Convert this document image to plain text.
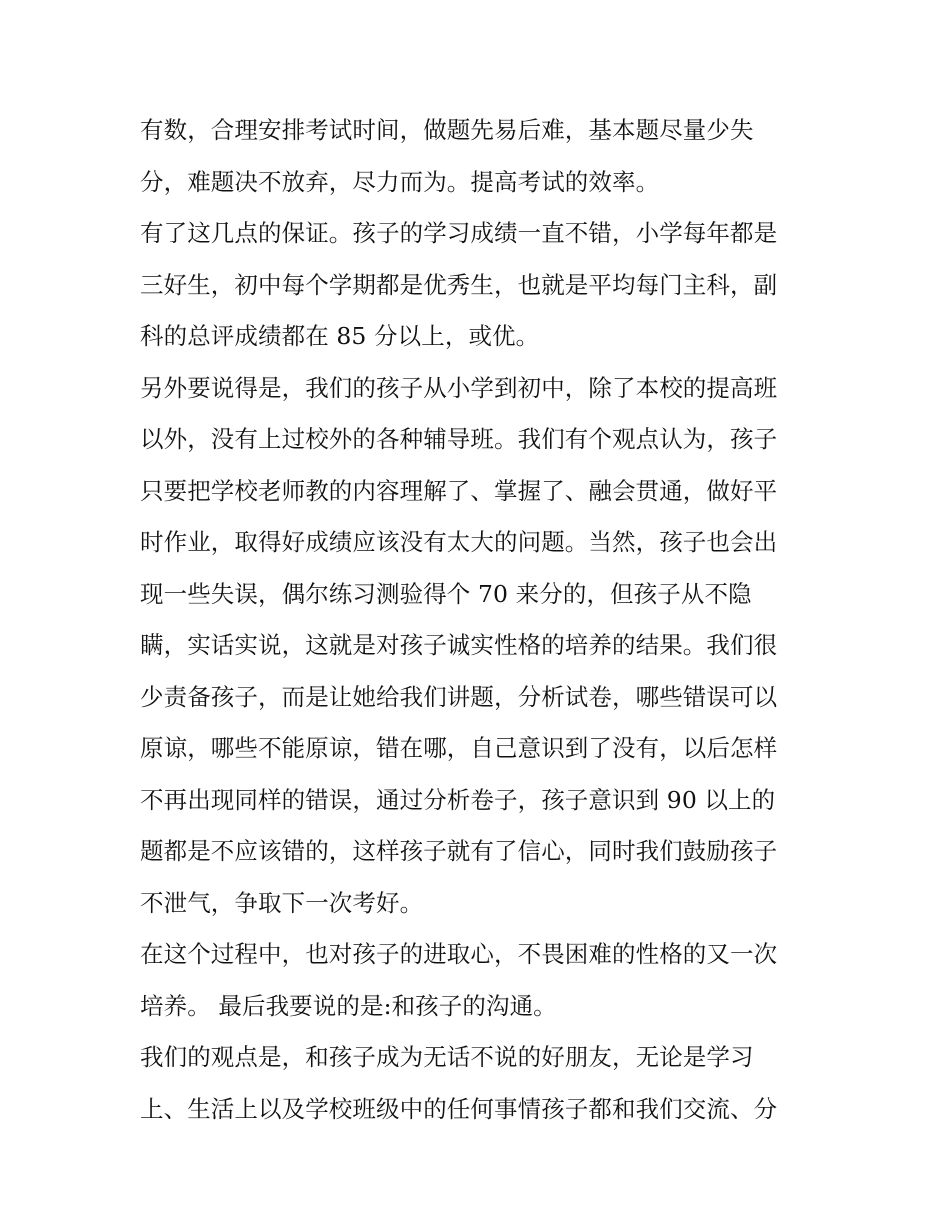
有数，合理安排考试时间，做题先易后难，基本题尽量少失
分，难题决不放弃，尽力而为。提高考试的效率。
有了这几点的保证。孩子的学习成绩一直不错，小学每年都是
三好生，初中每个学期都是优秀生，也就是平均每门主科，副
科的总评成绩都在 85 分以上，或优。
另外要说得是，我们的孩子从小学到初中，除了本校的提高班
以外，没有上过校外的各种辅导班。我们有个观点认为，孩子
只要把学校老师教的内容理解了、掌握了、融会贯通，做好平
时作业，取得好成绩应该没有太大的问题。当然，孩子也会出
现一些失误，偶尔练习测验得个 70 来分的，但孩子从不隐
瞒，实话实说，这就是对孩子诚实性格的培养的结果。我们很
少责备孩子，而是让她给我们讲题，分析试卷，哪些错误可以
原谅，哪些不能原谅，错在哪，自己意识到了没有，以后怎样
不再出现同样的错误，通过分析卷子，孩子意识到 90 以上的
题都是不应该错的，这样孩子就有了信心，同时我们鼓励孩子
不泄气，争取下一次考好。
在这个过程中，也对孩子的进取心，不畏困难的性格的又一次
培养。 最后我要说的是:和孩子的沟通。
我们的观点是，和孩子成为无话不说的好朋友，无论是学习
上、生活上以及学校班级中的任何事情孩子都和我们交流、分
